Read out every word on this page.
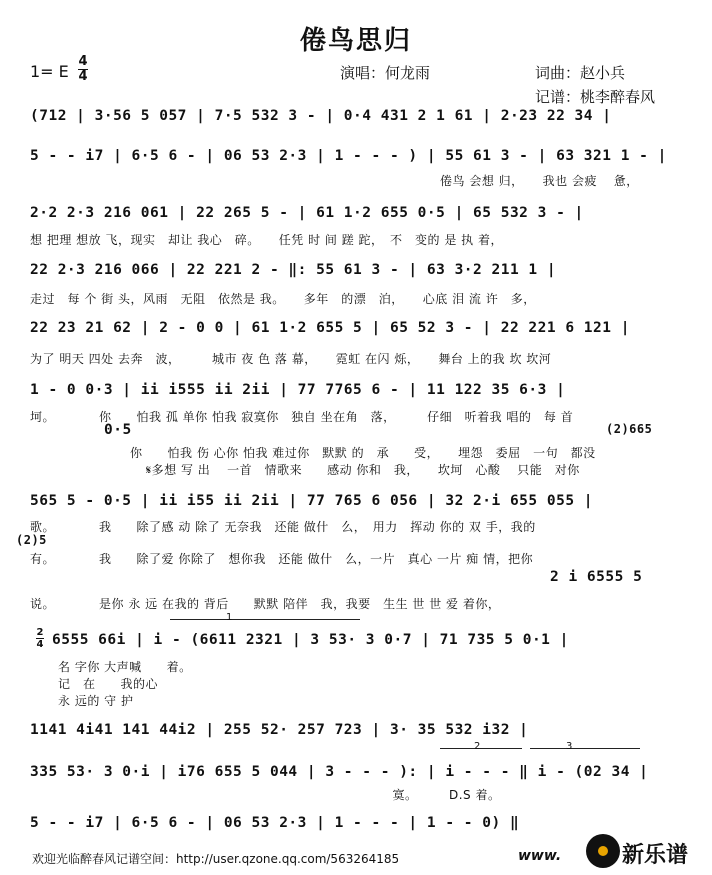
倦鸟思归
1= E
4
4	演唱：何龙雨	词曲：赵小兵
记谱：桃李醉春风
(712 | 3·56 5 057 | 7·5 532 3 - | 0·4 431 2 1 61 | 2·23 22 34 |
5 - - i7 | 6·5 6 - | 06 53 2·3 | 1 - - - ) | 55 61 3 - | 63 321 1 - |
倦鸟 会想 归，　　我也 会疲　 惫，
2·2 2·3 216 061 | 22 265 5 - | 61 1·2 655 0·5 | 65 532 3 - |
想 把理 想放 飞，现实　却让 我心　碎。　　任凭 时 间 蹉 跎，　不　变的 是 执 着，
22 2·3 216 066 | 22 221 2 - ‖: 55 61 3 - | 63 3·2 211 1 |
走过　每 个 街 头，风雨　无阻　依然是 我。　　多年　的漂　泊，　　心底 泪 流 许　多，
22 23 21 62 | 2 - 0 0 | 61 1·2 655 5 | 65 52 3 - | 22 221 6 121 |
为了 明天 四处 去奔　波，　　　城市 夜 色 落 幕，　　霓虹 在闪 烁，　　舞台 上的我 坎 坎河
1 - 0 0·3 | ii i555 ii 2ii | 77 7765 6 - | 11 122 35 6·3 |
坷。　　　　你　　怕我 孤 单你 怕我 寂寞你　独自 坐在角　落，　　　仔细　听着我 唱的　每 首
0·5	(2)665
你　　怕我 伤 心你 怕我 难过你　默默 的　承　　受，　　埋怨　委屈　一句　都没
𝄋多想 写 出　 一首　情歌来　　感动 你和　我，　　坎坷　心酸　 只能　对你
565 5 - 0·5 | ii i55 ii 2ii | 77 765 6 056 | 32 2·i 655 055 |
歌。　　　　我　　除了感 动 除了 无奈我　还能 做什　么，　用力　挥动 你的 双 手，我的
(2)5
有。　　　　我　　除了爱 你除了　想你我　还能 做什　么，一片　真心 一片 痴 情，把你
2 i 6555 5
说。　　　　是你 永 远 在我的 背后　　默默 陪伴　我，我要　生生 世 世 爱 着你，
2
4
1
6555 66i | i - (6611 2321 | 3 53· 3 0·7 | 71 735 5 0·1 |
名 字你 大声喊　　着。
记　在　　我的心
永 远的 守 护
1141 4i41 141 44i2 | 255 52· 257 723 | 3· 35 532 i32 |
2	3
335 53· 3 0·i | i76 655 5 044 | 3 - - - ): | i - - - ‖ i - (02 34 |
　　　　　　　　　　　　　　　　　　　　　　　　　　　　　寞。　　　D.S 着。
5 - - i7 | 6·5 6 - | 06 53 2·3 | 1 - - - | 1 - - 0) ‖
欢迎光临醉春风记谱空间：http://user.qzone.qq.com/563264185	www.	新乐谱
